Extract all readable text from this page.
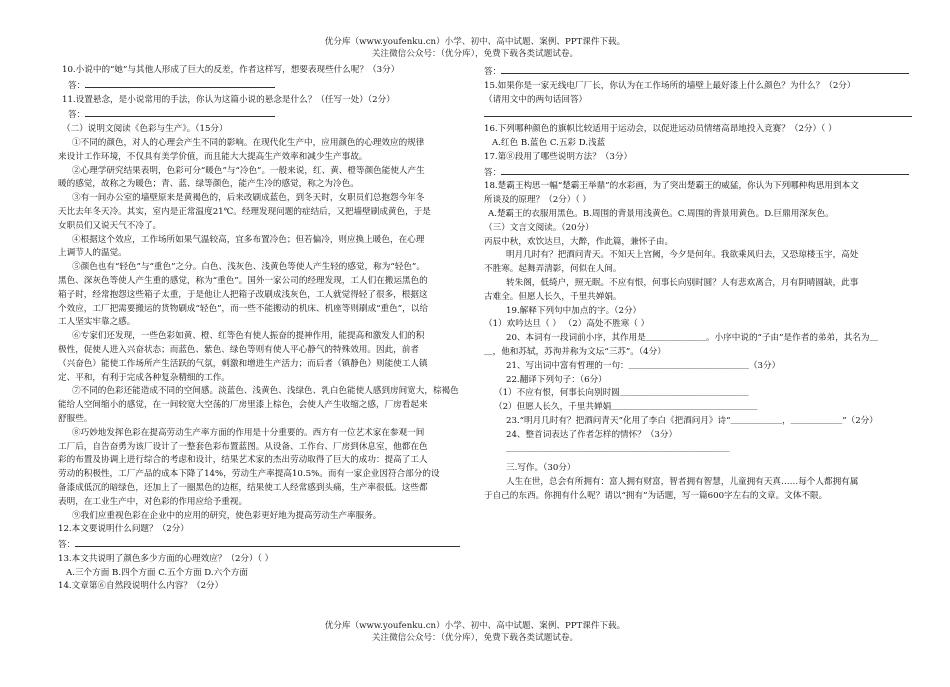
优分库（www.youfenku.cn）小学、初中、高中试题、案例、PPT课件下载。
关注微信公众号：（优分库），免费下载各类试题试卷。
10.小说中的“她”与其他人形成了巨大的反差，作者这样写，想要表现些什么呢？（3分）
答：
11.设置悬念，是小说常用的手法，你认为这篇小说的悬念是什么？（任写一处）（2分）
答：
（二）说明文阅读《色彩与生产》。（15分）
①不同的颜色，对人的心理会产生不同的影响。在现代化生产中，应用颜色的心理效应的规律
来设计工作环境，不仅具有美学价值，而且能大大提高生产效率和减少生产事故。
②心理学研究结果表明，色彩可分“暖色”与“冷色”。一般来说，红、黄、橙等颜色能使人产生
暖的感觉，故称之为暖色；青、蓝、绿等颜色，能产生冷的感觉，称之为冷色。
③有一间办公室的墙壁原来是黄褐色的，后来改刷成蓝色，到冬天时，女职员们总抱怨今年冬
天比去年冬天冷。其实，室内是正常温度21℃。经理发现问题的症结后，又把墙壁刷成黄色，于是
女职员们又说天气不冷了。
④根据这个效应，工作场所如果气温较高，宜多布置冷色；但若偏冷，则应换上暖色，在心理
上调节人的温觉。
⑤颜色也有“轻色”与“重色”之分。白色、浅灰色、浅黄色等使人产生轻的感觉，称为“轻色”。
黑色、深灰色等使人产生重的感觉，称为“重色”。国外一家公司的经理发现，工人们在搬运黑色的
箱子时，经常抱怨这些箱子太重，于是他让人把箱子改刷成浅灰色，工人就觉得轻了很多，根据这
个效应，工厂把需要搬运的货物刷成“轻色”，而一些不能搬动的机床、机座等则刷成“重色”，以给
工人坚实牢靠之感。
⑥专家们还发现，一些色彩如黄、橙、红等色有使人振奋的提神作用，能提高和激发人们的积
极性，促使人进入兴奋状态；而蓝色、紫色、绿色等则有使人平心静气的特殊效用。因此，前者
（兴奋色）能使工作场所产生活跃的气氛，刺激和增进生产活力；而后者（镇静色）则能使工人镇
定、平和，有利于完成各种复杂精细的工作。
⑦不同的色彩还能造成不同的空间感。淡蓝色、浅黄色、浅绿色、乳白色能使人感到房间宽大，棕褐色
能给人空间缩小的感觉，在一间较宽大空荡的厂房里漆上棕色，会使人产生收缩之感，厂房看起来
舒服些。
⑧巧妙地发挥色彩在提高劳动生产率方面的作用是十分重要的。西方有一位艺术家在参观一间
工厂后，自告奋勇为该厂设计了一整套色彩布置蓝图。从设备、工作台、厂房到休息室，他都在色
彩的布置及协调上进行综合的考虑和设计，结果艺术家的杰出劳动取得了巨大的成功：提高了工人
劳动的积极性，工厂产品的成本下降了14%，劳动生产率提高10.5%。而有一家企业因符合部分的设
备漆成低沉的暗绿色，还加上了一圈黑色的边框，结果使工人经常感到头痛，生产率很低。这些都
表明，在工业生产中，对色彩的作用应给予重视。
⑨我们应重视色彩在企业中的应用的研究，使色彩更好地为提高劳动生产率服务。
12.本文要说明什么问题？（2分）
答：
13.本文共说明了颜色多少方面的心理效应？（2分）（ ）
A.三个方面 B.四个方面 C.五个方面 D.六个方面
14.文章第⑥自然段说明什么内容？（2分）
答：
15.如果你是一家无线电厂厂长，你认为在工作场所的墙壁上最好漆上什么颜色？为什么？（2分）
（请用文中的两句话回答）
16.下列哪种颜色的旗帜比较适用于运动会，以促进运动员情绪高昂地投入竞赛？（2分）（ ）
A.红色 B.蓝色 C.五彩 D.浅蓝
17.第⑧段用了哪些说明方法？（3分）
答：
18.楚霸王构思一幅“楚霸王举鼎”的水彩画，为了突出楚霸王的威猛，你认为下列哪种构思用到本文
所谈及的原理？（2分）（ ）
A.楚霸王的衣服用黑色。B.周围的背景用浅黄色。C.周围的背景用黄色。D.巨鼎用深灰色。
（三）文言文阅读。（20分）
丙辰中秋，欢饮达旦，大醉，作此篇，兼怀子由。
明月几时有？把酒问青天。不知天上宫阙，今夕是何年。我欲乘风归去，又恐琼楼玉宇，高处
不胜寒。起舞弄清影，何似在人间。
转朱阁，低绮户，照无眠。不应有恨，何事长向别时圆？人有悲欢离合，月有阴晴圆缺，此事
古难全。但愿人长久，千里共婵娟。
19.解释下列句中加点的字。（2分）
（1）欢吟达旦（ ） （2）高处不胜寒（ ）
20、本词有一段词前小序，其作用是＿＿＿＿＿＿＿。小序中说的“子由”是作者的弟弟，其名为＿
＿，他和苏轼，苏洵并称为文坛“三苏”。（4分）
21、写出词中富有哲理的一句：＿＿＿＿＿＿＿＿＿＿＿＿＿＿（3分）
22.翻译下列句子：（6分）
（1）不应有恨，何事长向别时圆＿＿＿＿＿＿＿＿＿＿＿＿＿＿＿
（2）但愿人长久，千里共婵娟＿＿＿＿＿＿＿＿＿＿＿＿＿＿＿＿＿
23.“明月几时有？把酒问青天”化用了李白《把酒问月》诗“＿＿＿＿＿＿，＿＿＿＿＿＿”（2分）
24、整首词表达了作者怎样的情怀？（3分）
＿＿＿＿＿＿＿＿＿＿＿＿＿＿＿＿＿＿＿＿＿＿＿＿＿＿
三.写作。（30分）
人生在世，总会有所拥有：富人拥有财富，智者拥有智慧，儿童拥有天真……每个人都拥有属
于自己的东西。你拥有什么呢？请以“拥有”为话题，写一篇600字左右的文章。文体不限。
优分库（www.youfenku.cn）小学、初中、高中试题、案例、PPT课件下载。
关注微信公众号：（优分库），免费下载各类试题试卷。
